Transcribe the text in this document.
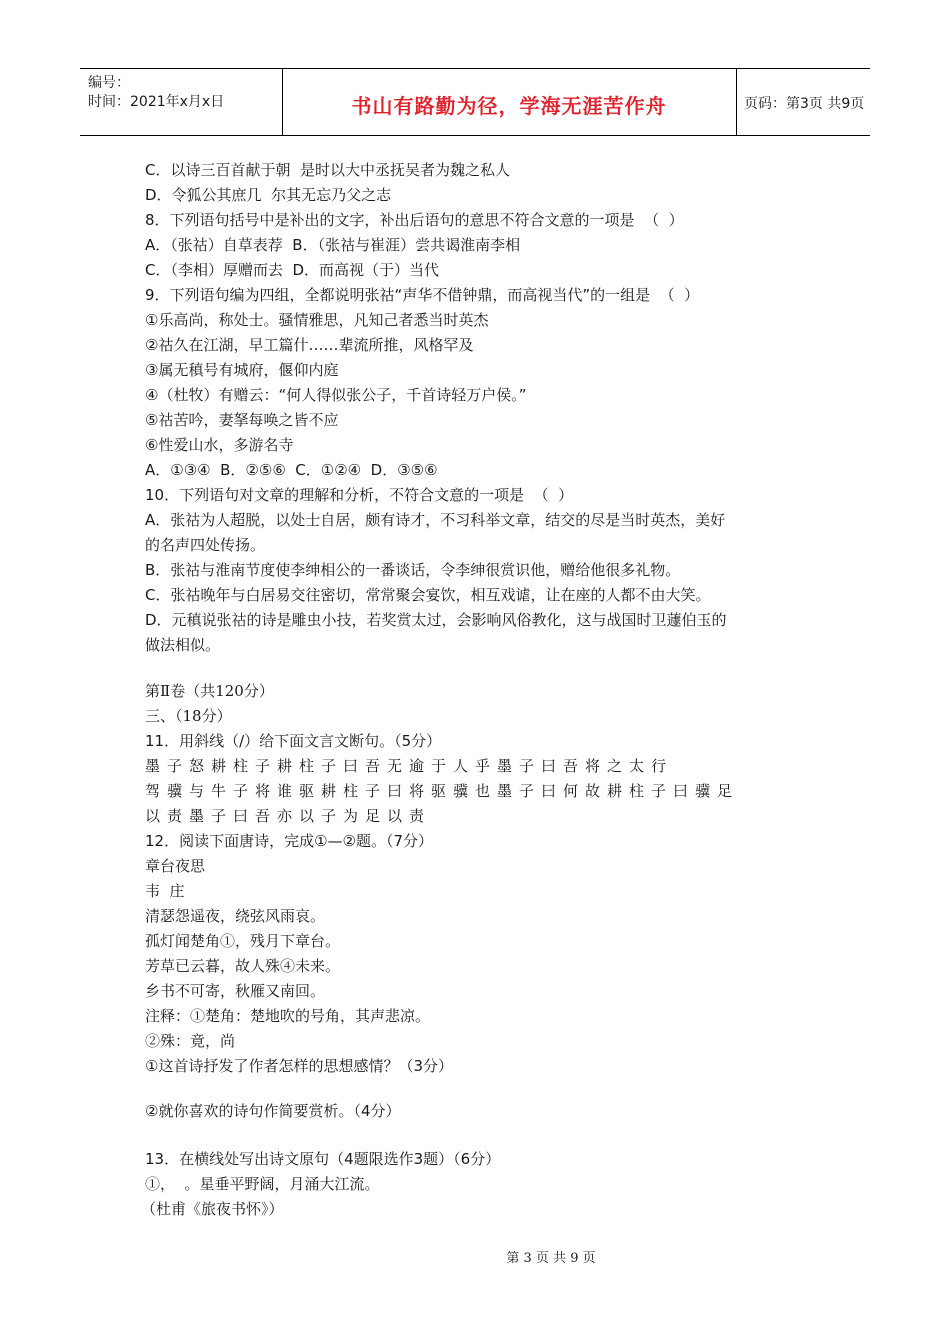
编号：
时间：2021年x月x日	书山有路勤为径，学海无涯苦作舟	页码：第3页 共9页
C．以诗三百首献于朝  是时以大中丞抚吴者为魏之私人
D．令狐公其庶几  尔其无忘乃父之志
8．下列语句括号中是补出的文字，补出后语句的意思不符合文意的一项是  （  ）
A．（张祜）自草表荐  B．（张祜与崔涯）尝共谒淮南李相
C．（李相）厚赠而去  D．而高视（于）当代
9．下列语句编为四组，全都说明张祜“声华不借钟鼎，而高视当代”的一组是  （  ）
①乐高尚，称处士。骚情雅思，凡知己者悉当时英杰
②祜久在江湖，早工篇什……辈流所推，风格罕及
③属无稹号有城府，偃仰内庭
④（杜牧）有赠云：“何人得似张公子，千首诗轻万户侯。”
⑤祜苦吟，妻拏每唤之皆不应
⑥性爱山水，多游名寺
A．①③④  B．②⑤⑥  C．①②④  D．③⑤⑥
10．下列语句对文章的理解和分析，不符合文意的一项是  （  ）
A．张祜为人超脱，以处士自居，颇有诗才，不习科举文章，结交的尽是当时英杰，美好
的名声四处传扬。
B．张祜与淮南节度使李绅相公的一番谈话，令李绅很赏识他，赠给他很多礼物。
C．张祜晚年与白居易交往密切，常常聚会宴饮，相互戏谑，让在座的人都不由大笑。
D．元稹说张祜的诗是雕虫小技，若奖赏太过，会影响风俗教化，这与战国时卫蘧伯玉的
做法相似。
第Ⅱ卷（共120分）
三、（18分）
11．用斜线（/）给下面文言文断句。（5分）
墨子怒耕柱子耕柱子曰吾无逾于人乎墨子曰吾将之太行
驾骥与牛子将谁驱耕柱子曰将驱骥也墨子曰何故耕柱子曰骥足
以责墨子曰吾亦以子为足以责
12．阅读下面唐诗，完成①—②题。（7分）
章台夜思
韦  庄
清瑟怨遥夜，绕弦风雨哀。
孤灯闻楚角①，残月下章台。
芳草已云暮，故人殊④未来。
乡书不可寄，秋雁又南回。
注释：①楚角：楚地吹的号角，其声悲凉。
②殊：竟，尚
①这首诗抒发了作者怎样的思想感情？（3分）
②就你喜欢的诗句作简要赏析。（4分）
13．在横线处写出诗文原句（4题限选作3题）（6分）
①，  。星垂平野阔，月涌大江流。
（杜甫《旅夜书怀》）
第 3 页 共 9 页
